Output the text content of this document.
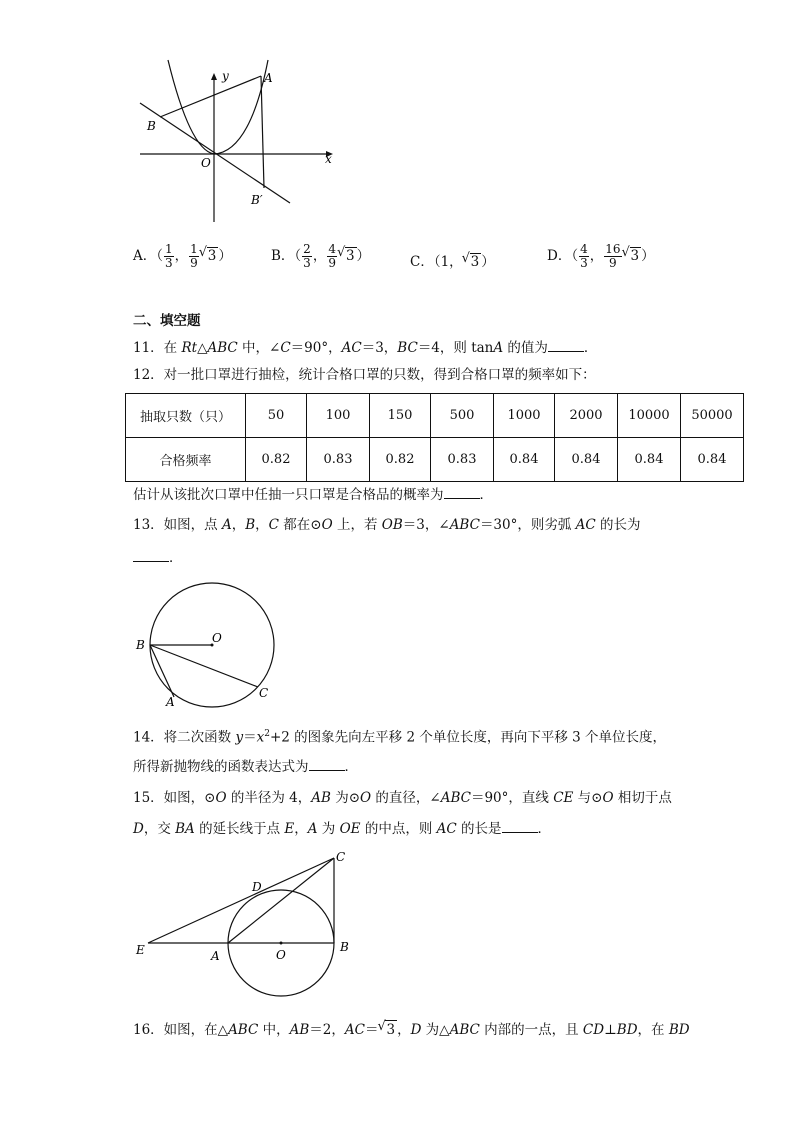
y
x
A
B
O
B′
A．（ $\frac{1}{3}$ ， $\frac{1}{9}$ √ 3 ）	B．（ $\frac{2}{3}$ ， $\frac{4}{9}$ √ 3 ）	C．（1， √ 3 ）	D．（ $\frac{4}{3}$ ， $\frac{16}{9}$ √ 3 ）
二、填空题
11．在 Rt△ABC 中，∠C＝90°，AC＝3，BC＝4，则 tanA 的值为	．
12．对一批口罩进行抽检，统计合格口罩的只数，得到合格口罩的频率如下：
抽取只数（只）	50	100	150	500	1000	2000	10000	50000
合格频率	0.82	0.83	0.82	0.83	0.84	0.84	0.84	0.84
估计从该批次口罩中任抽一只口罩是合格品的概率为	．
13．如图，点 A，B，C 都在⊙O 上，若 OB＝3，∠ABC＝30°，则劣弧 AC 的长为
．
B	O
A
C
14．将二次函数 $y=x^2+2$ 的图象先向左平移 2 个单位长度，再向下平移 3 个单位长度，
所得新抛物线的函数表达式为	．
15．如图，⊙O 的半径为 4，AB 为⊙O 的直径，∠ABC＝90°，直线 CE 与⊙O 相切于点
D，交 BA 的延长线于点 E，A 为 OE 的中点，则 AC 的长是	．
C
D
E	A	O
B
16．如图，在△ABC 中，AB＝2，AC＝ √ 3 ，D 为△ABC 内部的一点，且 CD⊥BD，在 BD
